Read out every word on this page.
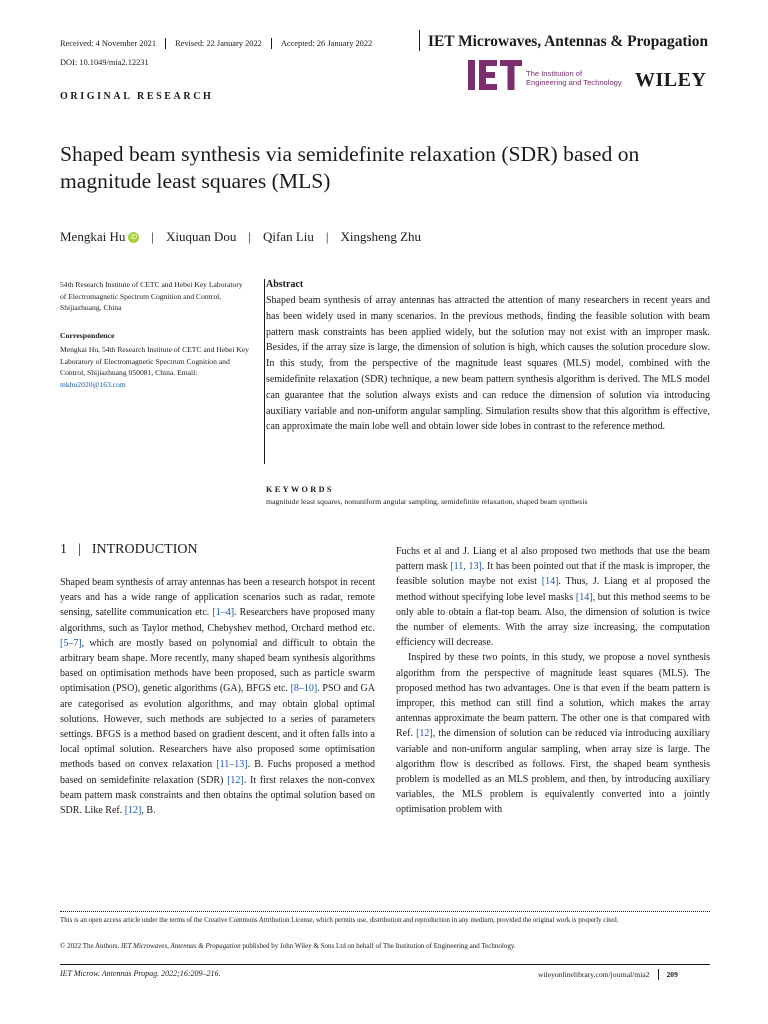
Received: 4 November 2021 Revised: 22 January 2022 Accepted: 26 January 2022	IET Microwaves, Antennas & Propagation
DOI: 10.1049/mia2.12231
The Institution of
Engineering and Technology WILEY
ORIGINAL RESEARCH
Shaped beam synthesis via semidefinite relaxation (SDR) based on magnitude least squares (MLS)
Mengkai Hu iD | Xiuquan Dou | Qifan Liu | Xingsheng Zhu
54th Research Institute of CETC and Hebei Key Laboratory of Electromagnetic Spectrum Cognition and Control, Shijiazhuang, China
Correspondence
Mengkai Hu, 54th Research Institute of CETC and Hebei Key Laboratory of Electromagnetic Spectrum Cognition and Control, Shijiazhuang 050081, China. Email: mkhu2020@163.com
Abstract
Shaped beam synthesis of array antennas has attracted the attention of many researchers in recent years and has been widely used in many scenarios. In the previous methods, finding the feasible solution with beam pattern mask constraints has been applied widely, but the solution may not exist with an improper mask. Besides, if the array size is large, the dimension of solution is high, which causes the solution procedure slow. In this study, from the perspective of the magnitude least squares (MLS) model, combined with the semidefinite relaxation (SDR) technique, a new beam pattern synthesis algorithm is derived. The MLS model can guarantee that the solution always exists and can reduce the dimension of solution via introducing auxiliary variable and non-uniform angular sampling. Simulation results show that this algorithm is effective, can approximate the main lobe well and obtain lower side lobes in contrast to the reference method.
KEYWORDS
magnitude least squares, nonuniform angular sampling, semidefinite relaxation, shaped beam synthesis
1 | INTRODUCTION
Shaped beam synthesis of array antennas has been a research hotspot in recent years and has a wide range of application scenarios such as radar, remote sensing, satellite communication etc. [1–4]. Researchers have proposed many algorithms, such as Taylor method, Chebyshev method, Orchard method etc. [5–7], which are mostly based on polynomial and difficult to obtain the arbitrary beam shape. More recently, many shaped beam synthesis algorithms based on optimisation methods have been proposed, such as particle swarm optimisation (PSO), genetic algorithms (GA), BFGS etc. [8–10]. PSO and GA are categorised as evolution algorithms, and may obtain global optimal solutions. However, such methods are subjected to a series of parameters settings. BFGS is a method based on gradient descent, and it often falls into a local optimal solution. Researchers have also proposed some optimisation methods based on convex relaxation [11–13]. B. Fuchs proposed a method based on semidefinite relaxation (SDR) [12]. It first relaxes the non-convex beam pattern mask constraints and then obtains the optimal solution based on SDR. Like Ref. [12], B.
Fuchs et al and J. Liang et al also proposed two methods that use the beam pattern mask [11, 13]. It has been pointed out that if the mask is improper, the feasible solution maybe not exist [14]. Thus, J. Liang et al proposed the method without specifying lobe level masks [14], but this method seems to be only able to obtain a flat-top beam. Also, the dimension of solution is twice the number of elements. With the array size increasing, the computation efficiency will decrease.
Inspired by these two points, in this study, we propose a novel synthesis algorithm from the perspective of magnitude least squares (MLS). The proposed method has two advantages. One is that even if the beam pattern is improper, this method can still find a solution, which makes the array antennas approximate the beam pattern. The other one is that compared with Ref. [12], the dimension of solution can be reduced via introducing auxiliary variable and non-uniform angular sampling, when array size is large. The algorithm flow is described as follows. First, the shaped beam synthesis problem is modelled as an MLS problem, and then, by introducing auxiliary variables, the MLS problem is equivalently converted into a jointly optimisation problem with
This is an open access article under the terms of the Creative Commons Attribution License, which permits use, distribution and reproduction in any medium, provided the original work is properly cited.
© 2022 The Authors. IET Microwaves, Antennas & Propagation published by John Wiley & Sons Ltd on behalf of The Institution of Engineering and Technology.
IET Microw. Antennas Propag. 2022;16:209–216.	wileyonlinelibrary.com/journal/mia2 209
